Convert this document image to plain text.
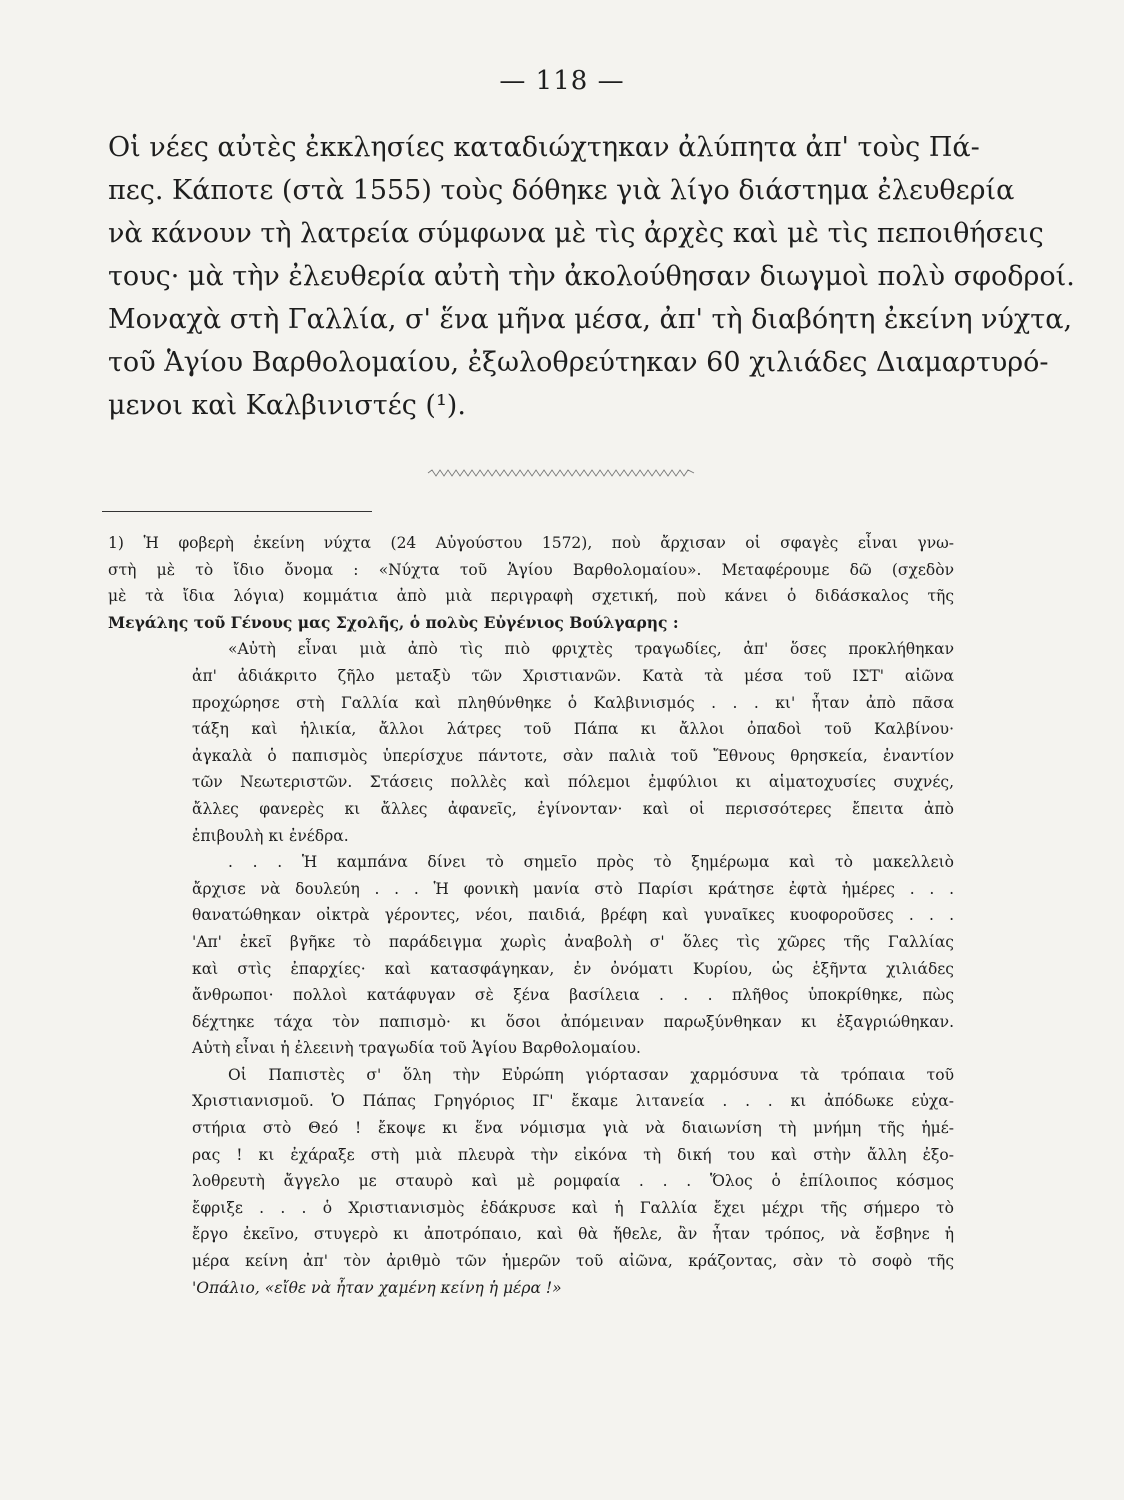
— 118 —
Οἱ νέες αὐτὲς ἐκκλησίες καταδιώχτηκαν ἀλύπητα ἀπ' τοὺς Πά-
πες. Κάποτε (στὰ 1555) τοὺς δόθηκε γιὰ λίγο διάστημα ἐλευθερία
νὰ κάνουν τὴ λατρεία σύμφωνα μὲ τὶς ἀρχὲς καὶ μὲ τὶς πεποιθήσεις
τους· μὰ τὴν ἐλευθερία αὐτὴ τὴν ἀκολούθησαν διωγμοὶ πολὺ σφοδροί.
Μοναχὰ στὴ Γαλλία, σ' ἕνα μῆνα μέσα, ἀπ' τὴ διαβόητη ἐκείνη νύχτα,
τοῦ Ἁγίου Βαρθολομαίου, ἐξωλοθρεύτηκαν 60 χιλιάδες Διαμαρτυρό-
μενοι καὶ Καλβινιστές (¹).
1) Ἡ φοβερὴ ἐκείνη νύχτα (24 Αὐγούστου 1572), ποὺ ἄρχισαν οἱ σφαγὲς εἶναι γνω-
στὴ μὲ τὸ ἴδιο ὄνομα : «Νύχτα τοῦ Ἁγίου Βαρθολομαίου». Μεταφέρουμε δῶ (σχεδὸν
μὲ τὰ ἴδια λόγια) κομμάτια ἀπὸ μιὰ περιγραφὴ σχετική, ποὺ κάνει ὁ διδάσκαλος τῆς
Μεγάλης τοῦ Γένους μας Σχολῆς, ὁ πολὺς Εὐγένιος Βούλγαρης :
«Αὐτὴ εἶναι μιὰ ἀπὸ τὶς πιὸ φριχτὲς τραγωδίες, ἀπ' ὅσες προκλήθηκαν
ἀπ' ἀδιάκριτο ζῆλο μεταξὺ τῶν Χριστιανῶν. Κατὰ τὰ μέσα τοῦ ΙΣΤ' αἰῶνα
προχώρησε στὴ Γαλλία καὶ πληθύνθηκε ὁ Καλβινισμός . . . κι' ἦταν ἀπὸ πᾶσα
τάξη καὶ ἡλικία, ἄλλοι λάτρες τοῦ Πάπα κι ἄλλοι ὀπαδοὶ τοῦ Καλβίνου·
ἀγκαλὰ ὁ παπισμὸς ὑπερίσχυε πάντοτε, σὰν παλιὰ τοῦ Ἔθνους θρησκεία, ἐναντίον
τῶν Νεωτεριστῶν. Στάσεις πολλὲς καὶ πόλεμοι ἐμφύλιοι κι αἱματοχυσίες συχνές,
ἄλλες φανερὲς κι ἄλλες ἀφανεῖς, ἐγίνονταν· καὶ οἱ περισσότερες ἔπειτα ἀπὸ
ἐπιβουλὴ κι ἐνέδρα.
. . . Ἡ καμπάνα δίνει τὸ σημεῖο πρὸς τὸ ξημέρωμα καὶ τὸ μακελλειὸ
ἄρχισε νὰ δουλεύη . . . Ἡ φονικὴ μανία στὸ Παρίσι κράτησε ἐφτὰ ἡμέρες . . .
θανατώθηκαν οἰκτρὰ γέροντες, νέοι, παιδιά, βρέφη καὶ γυναῖκες κυοφοροῦσες . . .
'Απ' ἐκεῖ βγῆκε τὸ παράδειγμα χωρὶς ἀναβολὴ σ' ὅλες τὶς χῶρες τῆς Γαλλίας
καὶ στὶς ἐπαρχίες· καὶ κατασφάγηκαν, ἐν ὀνόματι Κυρίου, ὡς ἑξῆντα χιλιάδες
ἄνθρωποι· πολλοὶ κατάφυγαν σὲ ξένα βασίλεια . . . πλῆθος ὑποκρίθηκε, πὼς
δέχτηκε τάχα τὸν παπισμὸ· κι ὅσοι ἀπόμειναν παρωξύνθηκαν κι ἐξαγριώθηκαν.
Αὐτὴ εἶναι ἡ ἐλεεινὴ τραγωδία τοῦ Ἁγίου Βαρθολομαίου.
Οἱ Παπιστὲς σ' ὅλη τὴν Εὐρώπη γιόρτασαν χαρμόσυνα τὰ τρόπαια τοῦ
Χριστιανισμοῦ. Ὁ Πάπας Γρηγόριος ΙΓ' ἔκαμε λιτανεία . . . κι ἀπόδωκε εὐχα-
στήρια στὸ Θεό ! ἔκοψε κι ἕνα νόμισμα γιὰ νὰ διαιωνίση τὴ μνήμη τῆς ἡμέ-
ρας ! κι ἐχάραξε στὴ μιὰ πλευρὰ τὴν εἰκόνα τὴ δική του καὶ στὴν ἄλλη ἐξο-
λοθρευτὴ ἄγγελο με σταυρὸ καὶ μὲ ρομφαία . . . Ὅλος ὁ ἐπίλοιπος κόσμος
ἔφριξε . . . ὁ Χριστιανισμὸς ἐδάκρυσε καὶ ἡ Γαλλία ἔχει μέχρι τῆς σήμερο τὸ
ἔργο ἐκεῖνο, στυγερὸ κι ἀποτρόπαιο, καὶ θὰ ἤθελε, ἂν ἦταν τρόπος, νὰ ἔσβηνε ἡ
μέρα κείνη ἀπ' τὸν ἀριθμὸ τῶν ἡμερῶν τοῦ αἰῶνα, κράζοντας, σὰν τὸ σοφὸ τῆς
'Οπάλιο, «εἴθε νὰ ἦταν χαμένη κείνη ἡ μέρα !»
